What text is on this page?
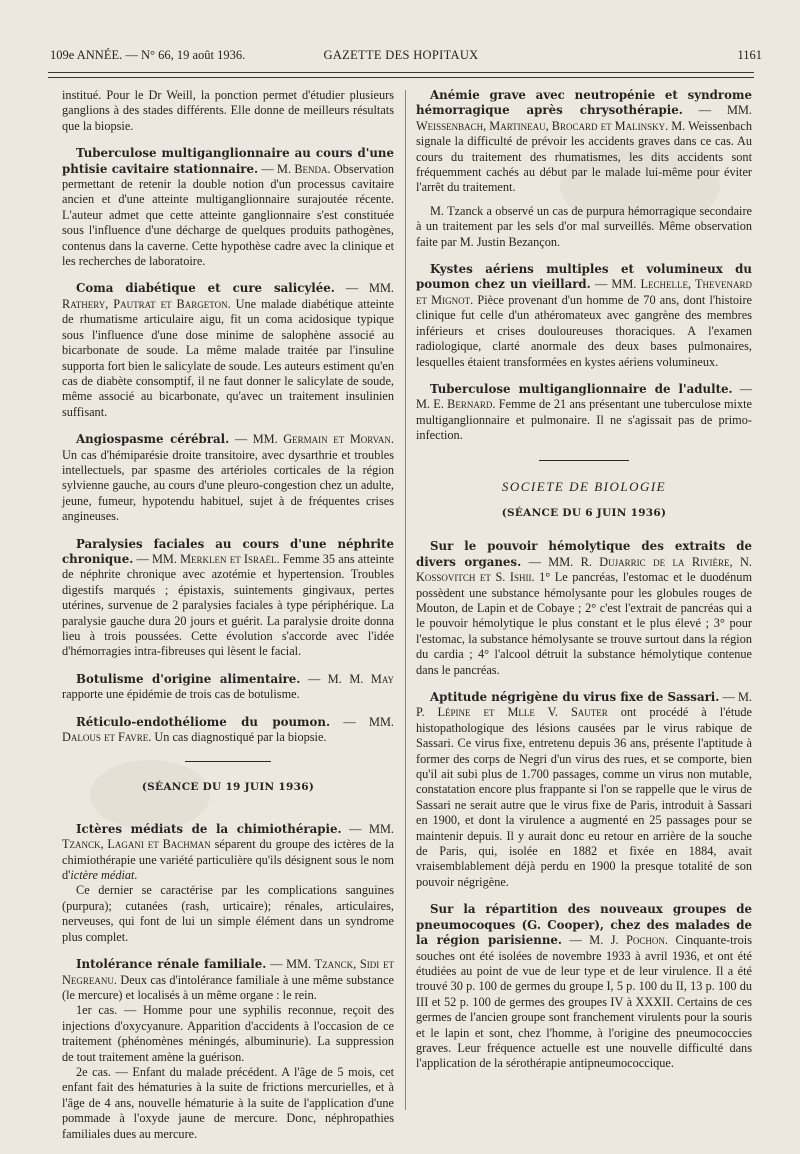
109e ANNÉE. — N° 66, 19 août 1936.	GAZETTE DES HOPITAUX	1161

institué. Pour le Dr Weill, la ponction permet d'étudier plusieurs ganglions à des stades différents. Elle donne de meilleurs résultats que la biopsie.

Tuberculose multiganglionnaire au cours d'une phtisie cavitaire stationnaire. — M. Benda. Observation permettant de retenir la double notion d'un processus cavitaire ancien et d'une atteinte multiganglionnaire surajoutée récente. L'auteur admet que cette atteinte ganglionnaire s'est constituée sous l'influence d'une décharge de quelques produits pathogènes, contenus dans la caverne. Cette hypothèse cadre avec la clinique et les recherches de laboratoire.

Coma diabétique et cure salicylée. — MM. Rathery, Pautrat et Bargeton. Une malade diabétique atteinte de rhumatisme articulaire aigu, fit un coma acidosique typique sous l'influence d'une dose minime de salophène associé au bicarbonate de soude. La même malade traitée par l'insuline supporta fort bien le salicylate de soude. Les auteurs estiment qu'en cas de diabète consomptif, il ne faut donner le salicylate de soude, même associé au bicarbonate, qu'avec un traitement insulinien suffisant.

Angiospasme cérébral. — MM. Germain et Morvan. Un cas d'hémiparésie droite transitoire, avec dysarthrie et troubles intellectuels, par spasme des artérioles corticales de la région sylvienne gauche, au cours d'une pleuro-congestion chez un adulte, jeune, fumeur, hypotendu habituel, sujet à de fréquentes crises angineuses.

Paralysies faciales au cours d'une néphrite chronique. — MM. Merklen et Israël. Femme 35 ans atteinte de néphrite chronique avec azotémie et hypertension. Troubles digestifs marqués ; épistaxis, suintements gingivaux, pertes utérines, survenue de 2 paralysies faciales à type périphérique. La paralysie gauche dura 20 jours et guérit. La paralysie droite donna lieu à trois poussées. Cette évolution s'accorde avec l'idée d'hémorragies intra-fibreuses qui lèsent le facial.

Botulisme d'origine alimentaire. — M. M. May rapporte une épidémie de trois cas de botulisme.

Réticulo-endothéliome du poumon. — MM. Dalous et Favre. Un cas diagnostiqué par la biopsie.

(SÉANCE DU 19 JUIN 1936)

Ictères médiats de la chimiothérapie. — MM. Tzanck, Lagani et Bachman séparent du groupe des ictères de la chimiothérapie une variété particulière qu'ils désignent sous le nom d'ictère médiat.

Ce dernier se caractérise par les complications sanguines (purpura); cutanées (rash, urticaire); rénales, articulaires, nerveuses, qui font de lui un simple élément dans un syndrome plus complet.

Intolérance rénale familiale. — MM. Tzanck, Sidi et Negreanu. Deux cas d'intolérance familiale à une même substance (le mercure) et localisés à un même organe : le rein.

1er cas. — Homme pour une syphilis reconnue, reçoit des injections d'oxycyanure. Apparition d'accidents à l'occasion de ce traitement (phénomènes méningés, albuminurie). La suppression de tout traitement amène la guérison.

2e cas. — Enfant du malade précédent. A l'âge de 5 mois, cet enfant fait des hématuries à la suite de frictions mercurielles, et à l'âge de 4 ans, nouvelle hématurie à la suite de l'application d'une pommade à l'oxyde jaune de mercure. Donc, néphropathies familiales dues au mercure.

Anémie grave avec neutropénie et syndrome hémorragique après chrysothérapie. — MM. Weissenbach, Martineau, Brocard et Malinsky. M. Weissenbach signale la difficulté de prévoir les accidents graves dans ce cas. Au cours du traitement des rhumatismes, les dits accidents sont fréquemment cachés au début par le malade lui-même pour éviter l'arrêt du traitement.

M. Tzanck a observé un cas de purpura hémorragique secondaire à un traitement par les sels d'or mal surveillés. Même observation faite par M. Justin Bezançon.

Kystes aériens multiples et volumineux du poumon chez un vieillard. — MM. Lechelle, Thevenard et Mignot. Pièce provenant d'un homme de 70 ans, dont l'histoire clinique fut celle d'un athéromateux avec gangrène des membres inférieurs et crises douloureuses thoraciques. A l'examen radiologique, clarté anormale des deux bases pulmonaires, lesquelles étaient transformées en kystes aériens volumineux.

Tuberculose multiganglionnaire de l'adulte. — M. E. Bernard. Femme de 21 ans présentant une tuberculose mixte multiganglionnaire et pulmonaire. Il ne s'agissait pas de primo-infection.

SOCIETE DE BIOLOGIE
(SÉANCE DU 6 JUIN 1936)

Sur le pouvoir hémolytique des extraits de divers organes. — MM. R. Dujarric de la Rivière, N. Kossovitch et S. Ishii. 1° Le pancréas, l'estomac et le duodénum possèdent une substance hémolysante pour les globules rouges de Mouton, de Lapin et de Cobaye ; 2° c'est l'extrait de pancréas qui a le pouvoir hémolytique le plus constant et le plus élevé ; 3° pour l'estomac, la substance hémolysante se trouve surtout dans la région du cardia ; 4° l'alcool détruit la substance hémolytique contenue dans le pancréas.

Aptitude négrigène du virus fixe de Sassari. — M. P. Lépine et Mlle V. Sauter ont procédé à l'étude histopathologique des lésions causées par le virus rabique de Sassari. Ce virus fixe, entretenu depuis 36 ans, présente l'aptitude à former des corps de Negri d'un virus des rues, et se comporte, bien qu'il ait subi plus de 1.700 passages, comme un virus non mutable, constatation encore plus frappante si l'on se rappelle que le virus de Sassari ne serait autre que le virus fixe de Paris, introduit à Sassari en 1900, et dont la virulence a augmenté en 25 passages pour se maintenir depuis. Il y aurait donc eu retour en arrière de la souche de Paris, qui, isolée en 1882 et fixée en 1884, avait vraisemblablement déjà perdu en 1900 la presque totalité de son pouvoir négrigène.

Sur la répartition des nouveaux groupes de pneumocoques (G. Cooper), chez des malades de la région parisienne. — M. J. Pochon. Cinquante-trois souches ont été isolées de novembre 1933 à avril 1936, et ont été étudiées au point de vue de leur type et de leur virulence. Il a été trouvé 30 p. 100 de germes du groupe I, 5 p. 100 du II, 13 p. 100 du III et 52 p. 100 de germes des groupes IV à XXXII. Certains de ces germes de l'ancien groupe sont franchement virulents pour la souris et le lapin et sont, chez l'homme, à l'origine des pneumococcies graves. Leur fréquence actuelle est une nouvelle difficulté dans l'application de la sérothérapie antipneumococcique.
